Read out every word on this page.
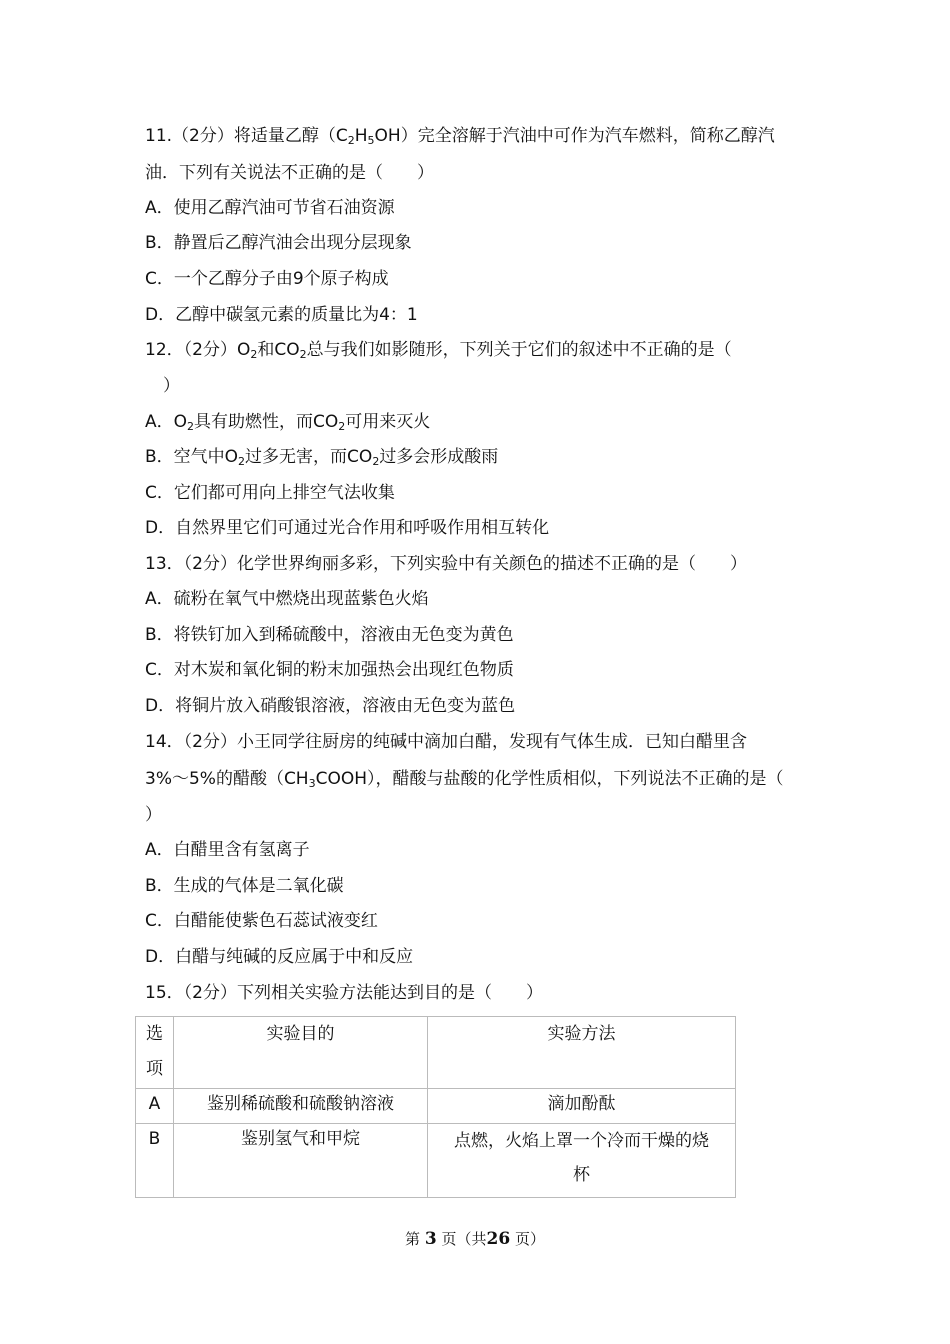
11.（2分）将适量乙醇$(C_2H_5OH)$完全溶解于汽油中可作为汽车燃料，简称乙醇汽
油．下列有关说法不正确的是（　　）
A．使用乙醇汽油可节省石油资源
B．静置后乙醇汽油会出现分层现象
C．一个乙醇分子由9个原子构成
D．乙醇中碳氢元素的质量比为4：1
12．（2分）$O_2$和$CO_2$总与我们如影随形，下列关于它们的叙述中不正确的是（
）
A．$O_2$具有助燃性，而$CO_2$可用来灭火
B．空气中$O_2$过多无害，而$CO_2$过多会形成酸雨
C．它们都可用向上排空气法收集
D．自然界里它们可通过光合作用和呼吸作用相互转化
13．（2分）化学世界绚丽多彩，下列实验中有关颜色的描述不正确的是（　　）
A．硫粉在氧气中燃烧出现蓝紫色火焰
B．将铁钉加入到稀硫酸中，溶液由无色变为黄色
C．对木炭和氧化铜的粉末加强热会出现红色物质
D．将铜片放入硝酸银溶液，溶液由无色变为蓝色
14．（2分）小王同学往厨房的纯碱中滴加白醋，发现有气体生成．已知白醋里含
3%～5%的醋酸$(CH_3COOH)$，醋酸与盐酸的化学性质相似，下列说法不正确的是（
）
A．白醋里含有氢离子
B．生成的气体是二氧化碳
C．白醋能使紫色石蕊试液变红
D．白醋与纯碱的反应属于中和反应
15．（2分）下列相关实验方法能达到目的是（　　）
选
项	实验目的	实验方法
A	鉴别稀硫酸和硫酸钠溶液	滴加酚酞
B	鉴别氢气和甲烷	点燃，火焰上罩一个冷而干燥的烧
杯
第 3 页（共26 页）
